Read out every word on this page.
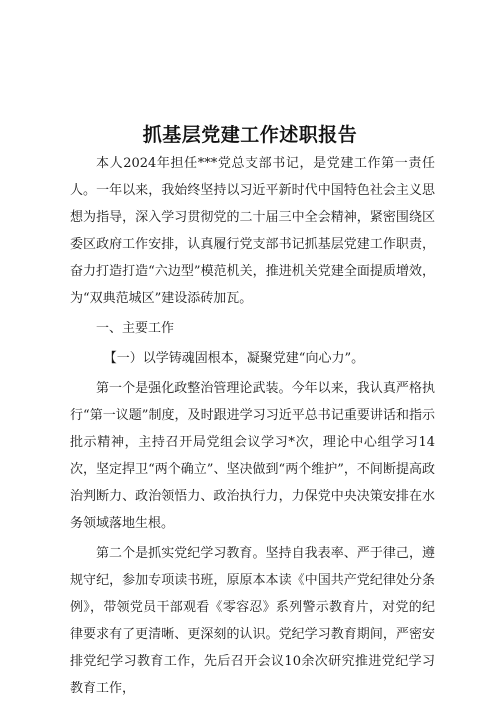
抓基层党建工作述职报告

本人2024年担任***党总支部书记，是党建工作第一责任人。一年以来，我始终坚持以习近平新时代中国特色社会主义思想为指导，深入学习贯彻党的二十届三中全会精神，紧密围绕区委区政府工作安排，认真履行党支部书记抓基层党建工作职责，奋力打造打造“六边型”模范机关，推进机关党建全面提质增效，为“双典范城区”建设添砖加瓦。

一、主要工作

【一）以学铸魂固根本，凝聚党建“向心力”。

第一个是强化政整治管理论武装。今年以来，我认真严格执行“第一议题”制度，及时跟进学习习近平总书记重要讲话和指示批示精神，主持召开局党组会议学习*次，理论中心组学习14次，坚定捍卫“两个确立”、坚决做到“两个维护”，不间断提高政治判断力、政治领悟力、政治执行力，力保党中央决策安排在水务领域落地生根。

第二个是抓实党纪学习教育。坚持自我表率、严于律己，遵规守纪，参加专项读书班，原原本本读《中国共产党纪律处分条例》，带领党员干部观看《零容忍》系列警示教育片，对党的纪律要求有了更清晰、更深刻的认识。党纪学习教育期间，严密安排党纪学习教育工作，先后召开会议10余次研究推进党纪学习教育工作，
